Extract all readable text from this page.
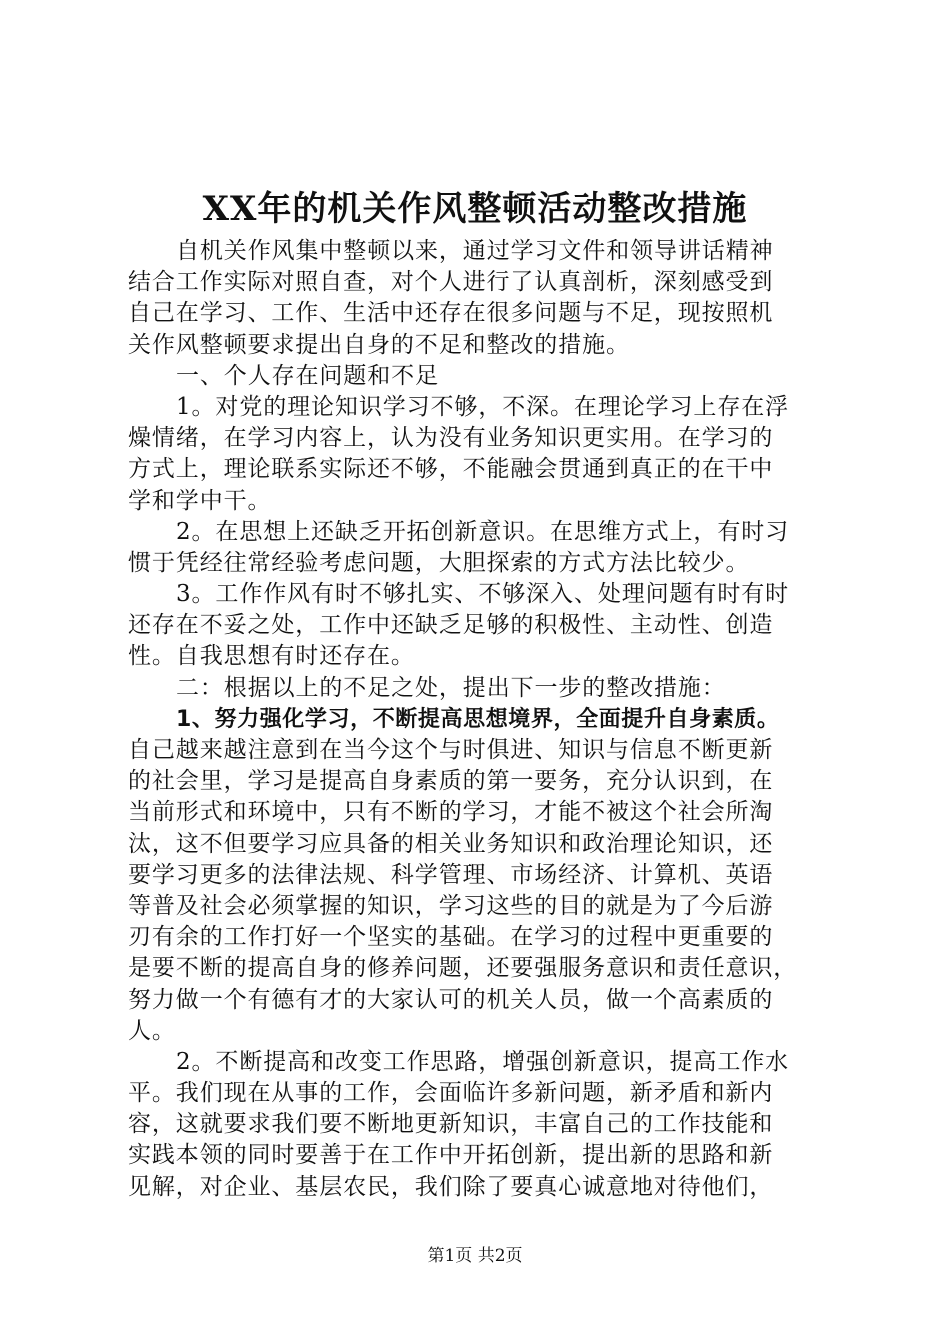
XX年的机关作风整顿活动整改措施
自机关作风集中整顿以来，通过学习文件和领导讲话精神
结合工作实际对照自查，对个人进行了认真剖析，深刻感受到
自己在学习、工作、生活中还存在很多问题与不足，现按照机
关作风整顿要求提出自身的不足和整改的措施。
一、个人存在问题和不足
1。对党的理论知识学习不够，不深。在理论学习上存在浮
燥情绪，在学习内容上，认为没有业务知识更实用。在学习的
方式上，理论联系实际还不够，不能融会贯通到真正的在干中
学和学中干。
2。在思想上还缺乏开拓创新意识。在思维方式上，有时习
惯于凭经往常经验考虑问题，大胆探索的方式方法比较少。
3。工作作风有时不够扎实、不够深入、处理问题有时有时
还存在不妥之处，工作中还缺乏足够的积极性、主动性、创造
性。自我思想有时还存在。
二：根据以上的不足之处，提出下一步的整改措施：
1、努力强化学习，不断提高思想境界，全面提升自身素质。
自己越来越注意到在当今这个与时俱进、知识与信息不断更新
的社会里，学习是提高自身素质的第一要务，充分认识到，在
当前形式和环境中，只有不断的学习，才能不被这个社会所淘
汰，这不但要学习应具备的相关业务知识和政治理论知识，还
要学习更多的法律法规、科学管理、市场经济、计算机、英语
等普及社会必须掌握的知识，学习这些的目的就是为了今后游
刃有余的工作打好一个坚实的基础。在学习的过程中更重要的
是要不断的提高自身的修养问题，还要强服务意识和责任意识，
努力做一个有德有才的大家认可的机关人员，做一个高素质的
人。
2。不断提高和改变工作思路，增强创新意识，提高工作水
平。我们现在从事的工作，会面临许多新问题，新矛盾和新内
容，这就要求我们要不断地更新知识，丰富自己的工作技能和
实践本领的同时要善于在工作中开拓创新，提出新的思路和新
见解，对企业、基层农民，我们除了要真心诚意地对待他们，
第1页 共2页
